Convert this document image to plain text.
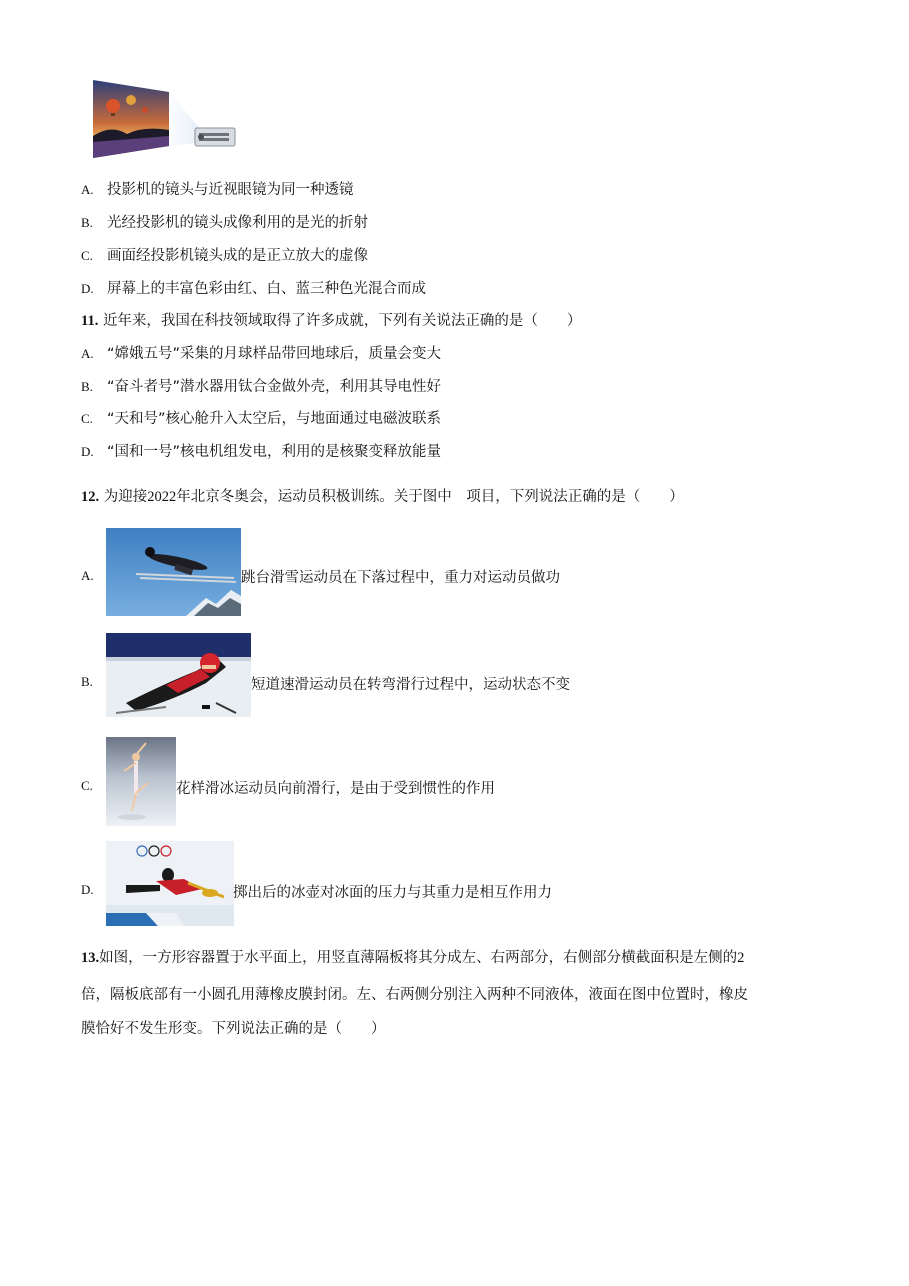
A. 投影机的镜头与近视眼镜为同一种透镜
B. 光经投影机的镜头成像利用的是光的折射
C. 画面经投影机镜头成的是正立放大的虚像
D. 屏幕上的丰富色彩由红、白、蓝三种色光混合而成
11. 近年来，我国在科技领域取得了许多成就，下列有关说法正确的是（　　）
A. “嫦娥五号”采集的月球样品带回地球后，质量会变大
B. “奋斗者号”潜水器用钛合金做外壳，利用其导电性好
C. “天和号”核心舱升入太空后，与地面通过电磁波联系
D. “国和一号”核电机组发电，利用的是核聚变释放能量
12. 为迎接2022年北京冬奥会，运动员积极训练。关于图中　项目，下列说法正确的是（　　）
A.	跳台滑雪运动员在下落过程中，重力对运动员做功
B.	短道速滑运动员在转弯滑行过程中，运动状态不变
C.	花样滑冰运动员向前滑行，是由于受到惯性的作用
D.	掷出后的冰壶对冰面的压力与其重力是相互作用力
13.如图，一方形容器置于水平面上，用竖直薄隔板将其分成左、右两部分，右侧部分横截面积是左侧的2
倍，隔板底部有一小圆孔用薄橡皮膜封闭。左、右两侧分别注入两种不同液体，液面在图中位置时，橡皮
膜恰好不发生形变。下列说法正确的是（　　）
